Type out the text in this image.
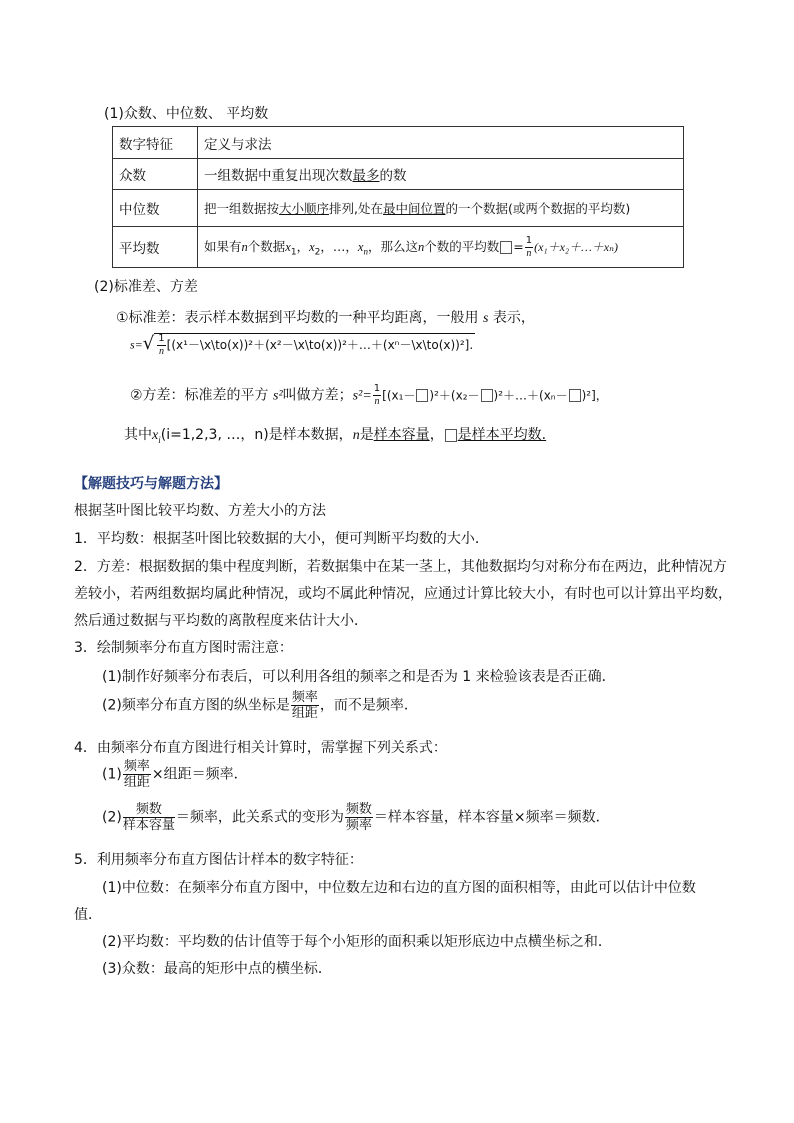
(1)众数、中位数、 平均数
数字特征	定义与求法
众数	一组数据中重复出现次数最多的数
中位数	把一组数据按大小顺序排列,处在最中间位置的一个数据(或两个数据的平均数)
平均数	如果有n个数据$x_1$，$x_2$，…，$x_n$，那么这n个数的平均数 = $\frac{1}{n}$ (x₁＋x₂＋…＋xₙ)
(2)标准差、方差
①标准差：表示样本数据到平均数的一种平均距离，一般用 s 表示，
$s=√ \frac{1}{n}$ [(x¹－\x\to(x))²＋(x²－\x\to(x))²＋…＋(xⁿ－\x\to(x))²].
②方差：标准差的平方 s²叫做方差；$s^2= \frac{1}{n} [(x_1- )^2+(x_2-$ )²＋…＋(xₙ－ )²]，
其中$x_i(i=1,2,3$, …，n)是样本数据，n是样本容量， 是样本平均数.
【解题技巧与解题方法】
根据茎叶图比较平均数、方差大小的方法
1．平均数：根据茎叶图比较数据的大小，便可判断平均数的大小．
2．方差：根据数据的集中程度判断，若数据集中在某一茎上，其他数据均匀对称分布在两边，此种情况方
差较小，若两组数据均属此种情况，或均不属此种情况，应通过计算比较大小，有时也可以计算出平均数，
然后通过数据与平均数的离散程度来估计大小．
3．绘制频率分布直方图时需注意：
(1)制作好频率分布表后，可以利用各组的频率之和是否为 1 来检验该表是否正确．
(2)频率分布直方图的纵坐标是 $\frac{\text{频率}}{\text{组距}}$ ，而不是频率．
4．由频率分布直方图进行相关计算时，需掌握下列关系式：
$(1) \frac{\text{频率}}{\text{组距}}$ ×组距＝频率．
$(2) \frac{\text{频数}}{\text{样本容量}}$ ＝频率，此关系式的变形为 $\frac{\text{频数}}{\text{频率}}$ ＝样本容量，样本容量×频率＝频数．
5．利用频率分布直方图估计样本的数字特征：
(1)中位数：在频率分布直方图中，中位数左边和右边的直方图的面积相等，由此可以估计中位数
值．
(2)平均数：平均数的估计值等于每个小矩形的面积乘以矩形底边中点横坐标之和．
(3)众数：最高的矩形中点的横坐标．
